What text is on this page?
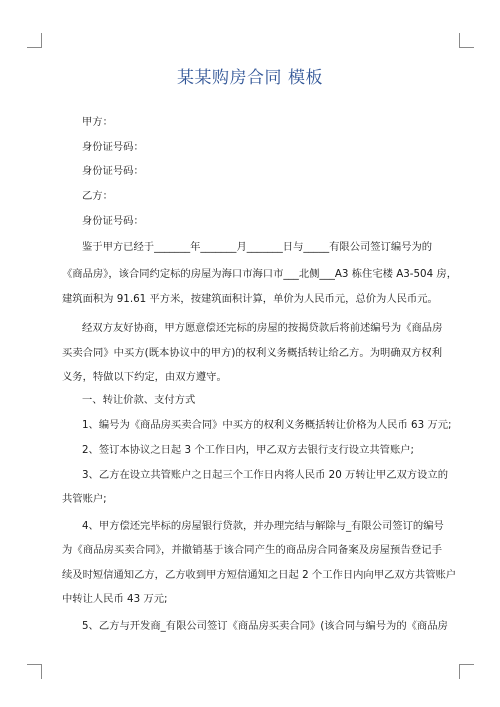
某某购房合同 模板
甲方：
身份证号码：
身份证号码：
乙方：
身份证号码：
鉴于甲方已经于_______年_______月_______日与_____有限公司签订编号为的
《商品房》，该合同约定标的房屋为海口市海口市___北侧___A3 栋住宅楼 A3-504 房，
建筑面积为 91.61 平方米，按建筑面积计算，单价为人民币元，总价为人民币元。
经双方友好协商，甲方愿意偿还完标的房屋的按揭贷款后将前述编号为《商品房
买卖合同》中买方(既本协议中的甲方)的权利义务概括转让给乙方。为明确双方权利
义务，特做以下约定，由双方遵守。
一、转让价款、支付方式
1、编号为《商品房买卖合同》中买方的权利义务概括转让价格为人民币 63 万元;
2、签订本协议之日起 3 个工作日内，甲乙双方去银行支行设立共管账户;
3、乙方在设立共管账户之日起三个工作日内将人民币 20 万转让甲乙双方设立的
共管账户;
4、甲方偿还完毕标的房屋银行贷款，并办理完结与解除与_有限公司签订的编号
为《商品房买卖合同》，并撤销基于该合同产生的商品房合同备案及房屋预告登记手
续及时短信通知乙方，乙方收到甲方短信通知之日起 2 个工作日内向甲乙双方共管账户
中转让人民币 43 万元;
5、乙方与开发商_有限公司签订《商品房买卖合同》(该合同与编号为的《商品房
